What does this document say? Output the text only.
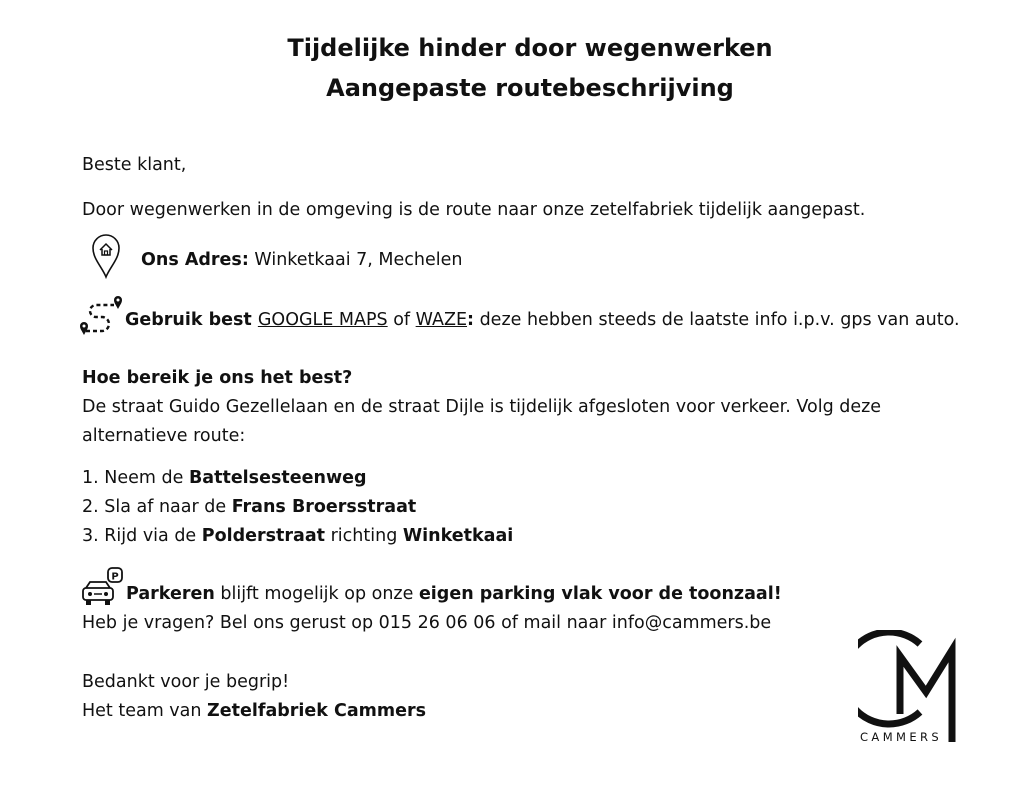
Tijdelijke hinder door wegenwerken
Aangepaste routebeschrijving
Beste klant,
Door wegenwerken in de omgeving is de route naar onze zetelfabriek tijdelijk aangepast.
Ons Adres: Winketkaai 7, Mechelen
Gebruik best GOOGLE MAPS of WAZE: deze hebben steeds de laatste info i.p.v. gps van auto.
Hoe bereik je ons het best?
De straat Guido Gezellelaan en de straat Dijle is tijdelijk afgesloten voor verkeer. Volg deze
alternatieve route:
1. Neem de Battelsesteenweg
2. Sla af naar de Frans Broersstraat
3. Rijd via de Polderstraat richting Winketkaai
P
Parkeren blijft mogelijk op onze eigen parking vlak voor de toonzaal!
Heb je vragen? Bel ons gerust op 015 26 06 06 of mail naar info@cammers.be
Bedankt voor je begrip!
Het team van Zetelfabriek Cammers
CAMMERS
